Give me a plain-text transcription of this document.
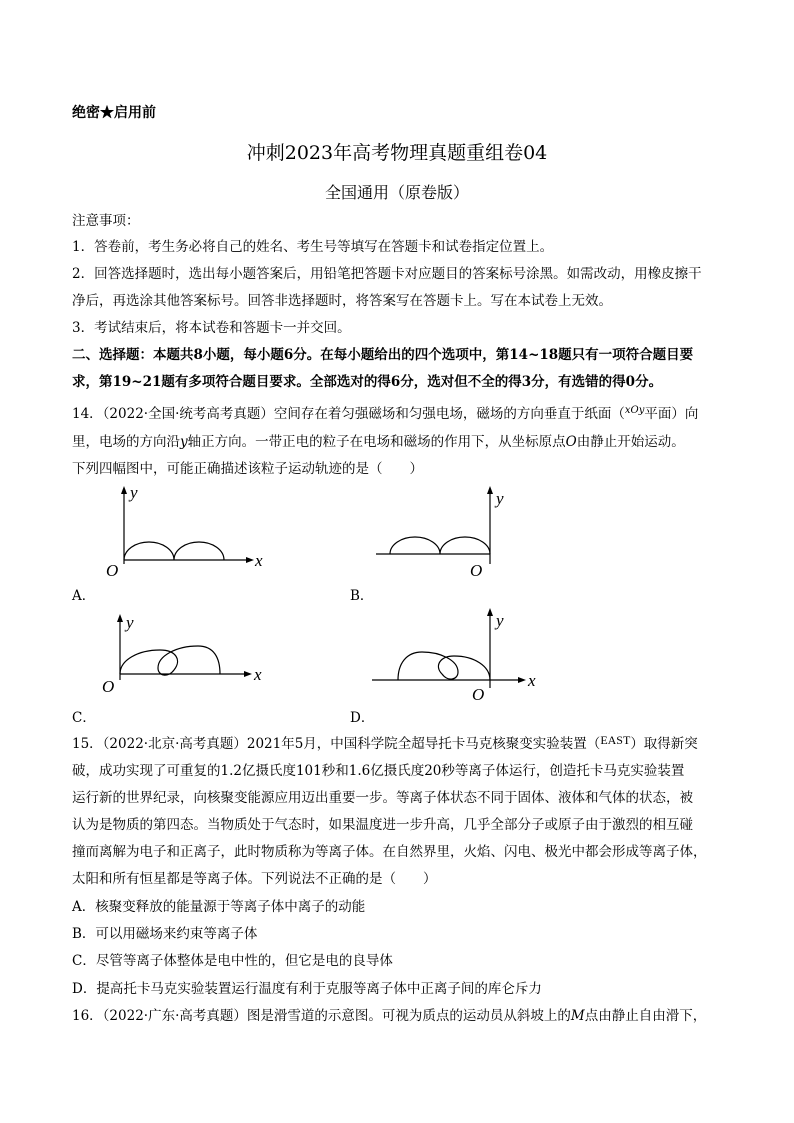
绝密★启用前
冲刺2023年高考物理真题重组卷04
全国通用（原卷版）
注意事项：
1．答卷前，考生务必将自己的姓名、考生号等填写在答题卡和试卷指定位置上。
2．回答选择题时，选出每小题答案后，用铅笔把答题卡对应题目的答案标号涂黑。如需改动，用橡皮擦干
净后，再选涂其他答案标号。回答非选择题时，将答案写在答题卡上。写在本试卷上无效。
3．考试结束后，将本试卷和答题卡一并交回。
二、选择题：本题共8小题，每小题6分。在每小题给出的四个选项中，第14~18题只有一项符合题目要
求，第19~21题有多项符合题目要求。全部选对的得6分，选对但不全的得3分，有选错的得0分。
14．（2022·全国·统考高考真题）空间存在着匀强磁场和匀强电场，磁场的方向垂直于纸面（$^{xOy}$平面）向
里，电场的方向沿y轴正方向。一带正电的粒子在电场和磁场的作用下，从坐标原点O由静止开始运动。
下列四幅图中，可能正确描述该粒子运动轨迹的是（　　）
y
x
O
A．
y
O
B．
y
x
O
C．
y
x
O
D．
15．（2022·北京·高考真题）2021年5月，中国科学院全超导托卡马克核聚变实验装置（EAST）取得新突
破，成功实现了可重复的1.2亿摄氏度101秒和1.6亿摄氏度20秒等离子体运行，创造托卡马克实验装置
运行新的世界纪录，向核聚变能源应用迈出重要一步。等离子体状态不同于固体、液体和气体的状态，被
认为是物质的第四态。当物质处于气态时，如果温度进一步升高，几乎全部分子或原子由于激烈的相互碰
撞而离解为电子和正离子，此时物质称为等离子体。在自然界里，火焰、闪电、极光中都会形成等离子体，
太阳和所有恒星都是等离子体。下列说法不正确的是（　　）
A．核聚变释放的能量源于等离子体中离子的动能
B．可以用磁场来约束等离子体
C．尽管等离子体整体是电中性的，但它是电的良导体
D．提高托卡马克实验装置运行温度有利于克服等离子体中正离子间的库仑斥力
16．（2022·广东·高考真题）图是滑雪道的示意图。可视为质点的运动员从斜坡上的M点由静止自由滑下，
